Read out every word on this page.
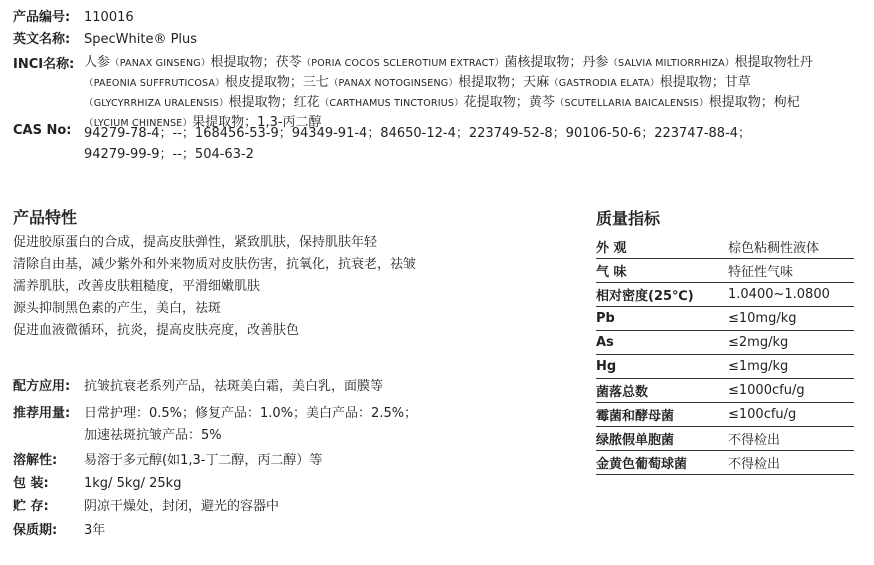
产品编号: 110016
英文名称: SpecWhite® Plus
INCI名称: 人参（PANAX GINSENG）根提取物；茯苓（PORIA COCOS SCLEROTIUM EXTRACT）菌核提取物；丹参（SALVIA MILTIORRHIZA）根提取物牡丹（PAEONIA SUFFRUTICOSA）根皮提取物；三七（PANAX NOTOGINSENG）根提取物；天麻（GASTRODIA ELATA）根提取物；甘草（GLYCYRRHIZA URALENSIS）根提取物；红花（CARTHAMUS TINCTORIUS）花提取物；黄芩（SCUTELLARIA BAICALENSIS）根提取物；枸杞（LYCIUM CHINENSE）果提取物；1,3-丙二醇
CAS No: 94279-78-4；--；168456-53-9；94349-91-4；84650-12-4；223749-52-8；90106-50-6；223747-88-4；
94279-99-9；--；504-63-2
产品特性
促进胶原蛋白的合成，提高皮肤弹性，紧致肌肤，保持肌肤年轻
清除自由基，减少紫外和外来物质对皮肤伤害，抗氧化，抗衰老，祛皱
濡养肌肤，改善皮肤粗糙度，平滑细嫩肌肤
源头抑制黑色素的产生，美白，祛斑
促进血液微循环，抗炎，提高皮肤亮度，改善肤色
配方应用: 抗皱抗衰老系列产品，祛斑美白霜，美白乳，面膜等
推荐用量: 日常护理：0.5%；修复产品：1.0%；美白产品：2.5%；
加速祛斑抗皱产品：5%
溶解性: 易溶于多元醇(如1,3-丁二醇，丙二醇）等
包 装:	1kg/ 5kg/ 25kg
贮 存:	阴凉干燥处，封闭，避光的容器中
保质期: 3年
质量指标
外 观	棕色粘稠性液体
气 味	特征性气味
相对密度(25℃)	1.0400~1.0800
Pb	≤10mg/kg
As	≤2mg/kg
Hg	≤1mg/kg
菌落总数	≤1000cfu/g
霉菌和酵母菌	≤100cfu/g
绿脓假单胞菌	不得检出
金黄色葡萄球菌	不得检出
